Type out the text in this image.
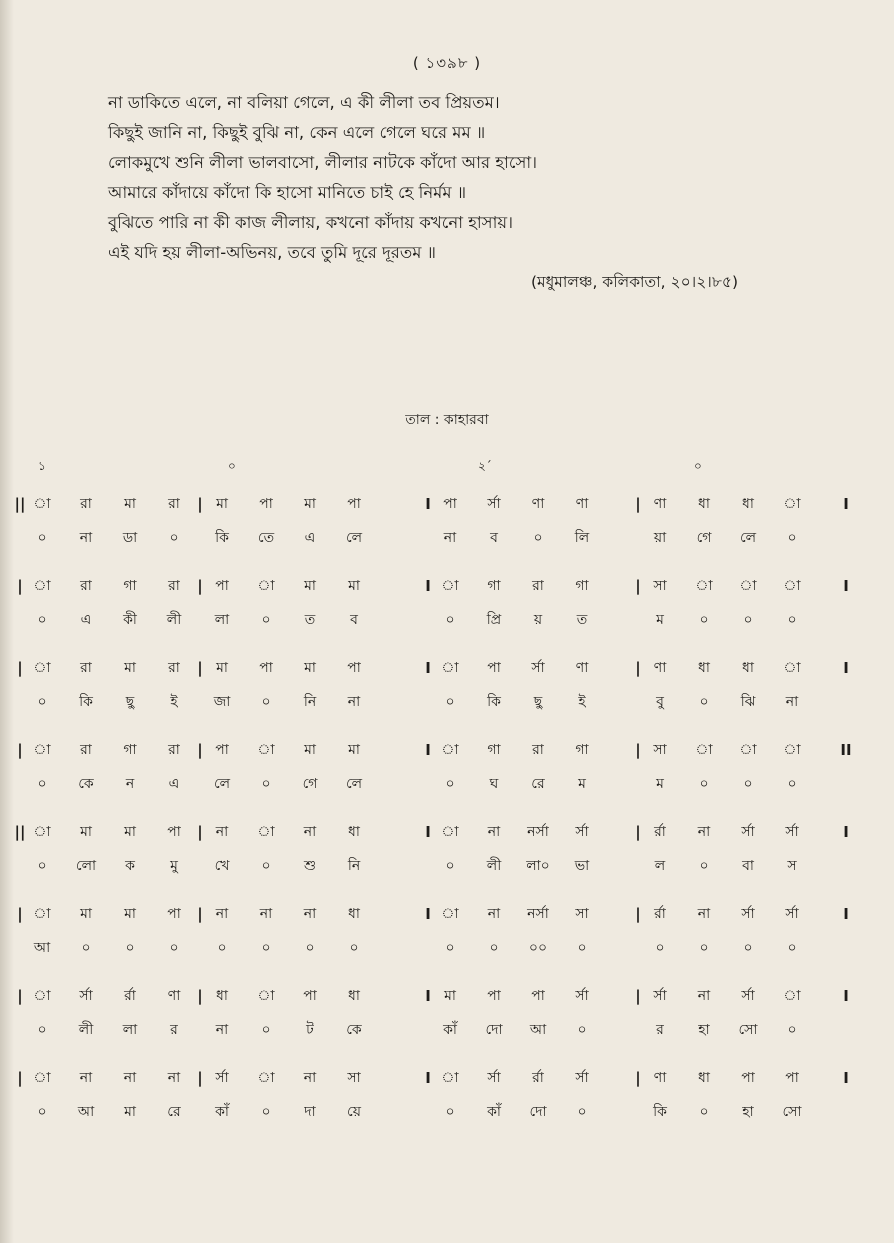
( ১৩৯৮ )
না ডাকিতে এলে, না বলিয়া গেলে, এ কী লীলা তব প্রিয়তম।
কিছুই জানি না, কিছুই বুঝি না, কেন এলে গেলে ঘরে মম ॥
লোকমুখে শুনি লীলা ভালবাসো, লীলার নাটকে কাঁদো আর হাসো।
আমারে কাঁদায়ে কাঁদো কি হাসো মানিতে চাই হে নির্মম ॥
বুঝিতে পারি না কী কাজ লীলায়, কখনো কাঁদায় কখনো হাসায়।
এই যদি হয় লীলা-অভিনয়, তবে তুমি দূরে দূরতম ॥
(মধুমালঞ্চ, কলিকাতা, ২০।২।৮৫)
তাল : কাহারবা
১	০	২´	০
||	|	I	|	I
া	রা	মা	রা	মা	পা	মা	পা	পা	র্সা	ণা	ণা	ণা	ধা	ধা	া
০	না	ডা	০	কি	তে	এ	লে	না	ব	০	লি	য়া	গে	লে	০
|	|	I	|	I
া	রা	গা	রা	পা	া	মা	মা	া	গা	রা	গা	সা	া	া	া
০	এ	কী	লী	লা	০	ত	ব	০	প্রি	য়	ত	ম	০	০	০
|	|	I	|	I
া	রা	মা	রা	মা	পা	মা	পা	া	পা	র্সা	ণা	ণা	ধা	ধা	া
০	কি	ছু	ই	জা	০	নি	না	০	কি	ছু	ই	বু	০	ঝি	না
|	|	I	|	II
া	রা	গা	রা	পা	া	মা	মা	া	গা	রা	গা	সা	া	া	া
০	কে	ন	এ	লে	০	গে	লে	০	ঘ	রে	ম	ম	০	০	০
||	|	I	|	I
া	মা	মা	পা	না	া	না	ধা	া	না	নর্সা	র্সা	র্রা	না	র্সা	র্সা
০	লো	ক	মু	খে	০	শু	নি	০	লী	লা০	ভা	ল	০	বা	স
|	|	I	|	I
া	মা	মা	পা	না	না	না	ধা	া	না	নর্সা	সা	র্রা	না	র্সা	র্সা
আ	০	০	০	০	০	০	০	০	০	০০	০	০	০	০	০
|	|	I	|	I
া	র্সা	র্রা	ণা	ধা	া	পা	ধা	মা	পা	পা	র্সা	র্সা	না	র্সা	া
০	লী	লা	র	না	০	ট	কে	কাঁ	দো	আ	০	র	হা	সো	০
|	|	I	|	I
া	না	না	না	র্সা	া	না	সা	া	র্সা	র্রা	র্সা	ণা	ধা	পা	পা
০	আ	মা	রে	কাঁ	০	দা	য়ে	০	কাঁ	দো	০	কি	০	হা	সো
